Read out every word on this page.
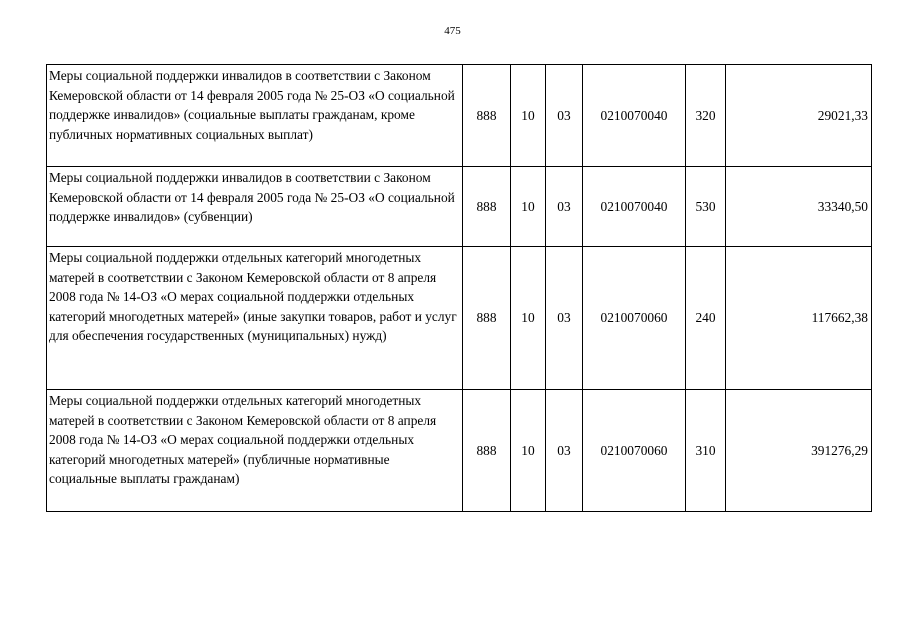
475
Меры социальной поддержки инвалидов в соответствии с Законом Кемеровской области от 14 февраля 2005 года № 25-ОЗ «О социальной поддержке инвалидов» (социальные выплаты гражданам, кроме публичных нормативных социальных выплат)	888	10	03	0210070040	320	29021,33
Меры социальной поддержки инвалидов в соответствии с Законом Кемеровской области от 14 февраля 2005 года № 25-ОЗ «О социальной поддержке инвалидов» (субвенции)	888	10	03	0210070040	530	33340,50
Меры социальной поддержки отдельных категорий многодетных матерей в соответствии с Законом Кемеровской области от 8 апреля 2008 года № 14-ОЗ «О мерах социальной поддержки отдельных категорий многодетных матерей» (иные закупки товаров, работ и услуг для обеспечения государственных (муниципальных) нужд)	888	10	03	0210070060	240	117662,38
Меры социальной поддержки отдельных категорий многодетных матерей в соответствии с Законом Кемеровской области от 8 апреля 2008 года № 14-ОЗ «О мерах социальной поддержки отдельных категорий многодетных матерей» (публичные нормативные социальные выплаты гражданам)	888	10	03	0210070060	310	391276,29
